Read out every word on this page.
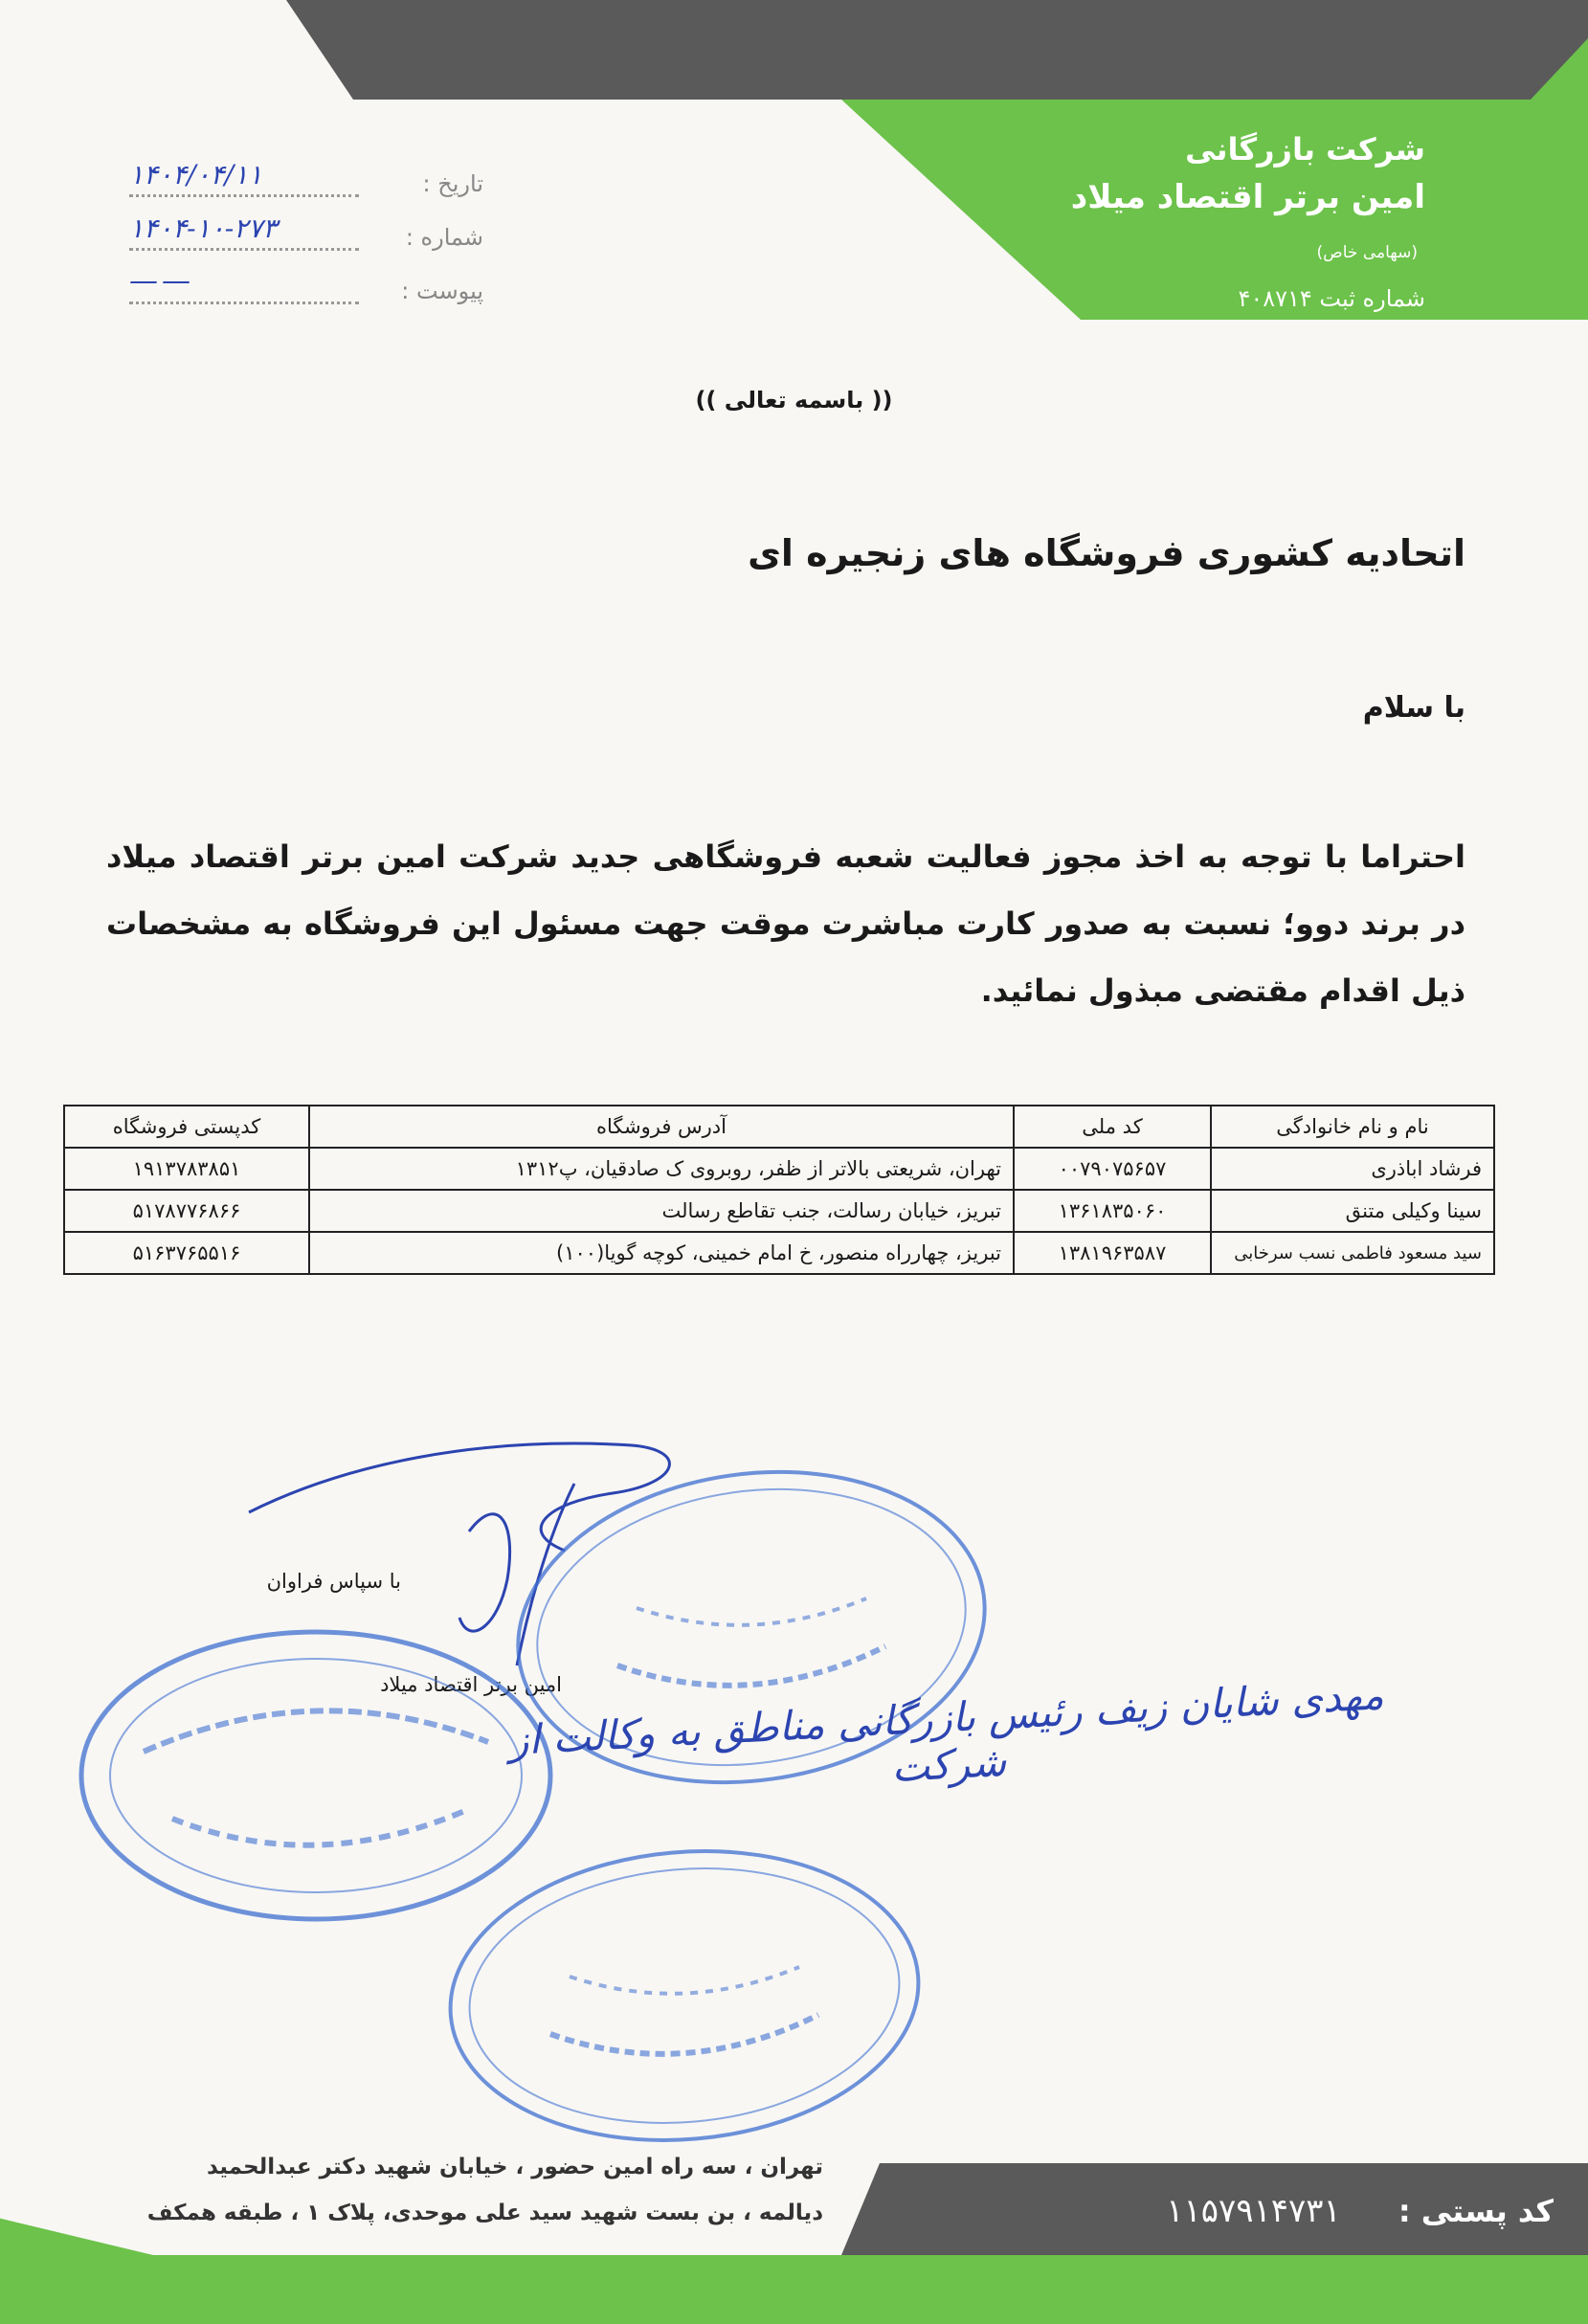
شرکت بازرگانی
امین برتر اقتصاد میلاد (سهامی خاص)
شماره ثبت ۴۰۸۷۱۴
تاریخ :
۱۴۰۴/۰۴/۱۱
شماره :
۱۴۰۴-۱۰-۲۷۳
پیوست :
——
(( باسمه تعالی ))
اتحادیه کشوری فروشگاه های زنجیره ای
با سلام
احتراما با توجه به اخذ مجوز فعالیت شعبه فروشگاهی جدید شرکت امین برتر اقتصاد میلاد در برند دوو؛ نسبت به صدور کارت مباشرت موقت جهت مسئول این فروشگاه به مشخصات ذیل اقدام مقتضی مبذول نمائید.
نام و نام خانوادگی	کد ملی	آدرس فروشگاه	کدپستی فروشگاه
فرشاد اباذری	۰۰۷۹۰۷۵۶۵۷	تهران، شریعتی بالاتر از ظفر، روبروی ک صادقیان، پ۱۳۱۲	۱۹۱۳۷۸۳۸۵۱
سینا وکیلی متنق	۱۳۶۱۸۳۵۰۶۰	تبریز، خیابان رسالت، جنب تقاطع رسالت	۵۱۷۸۷۷۶۸۶۶
سید مسعود فاطمی نسب سرخابی	۱۳۸۱۹۶۳۵۸۷	تبریز، چهارراه منصور، خ امام خمینی، کوچه گویا(۱۰۰)	۵۱۶۳۷۶۵۵۱۶
با سپاس فراوان
امین برتر اقتصاد میلاد
مهدی شایان زیف رئیس بازرگانی مناطق به وکالت از شرکت
کد پستی :
۱۱۵۷۹۱۴۷۳۱
تهران ، سه راه امین حضور ، خیابان شهید دکتر عبدالحمید
دیالمه ، بن بست شهید سید علی موحدی، پلاک ۱ ، طبقه همکف
